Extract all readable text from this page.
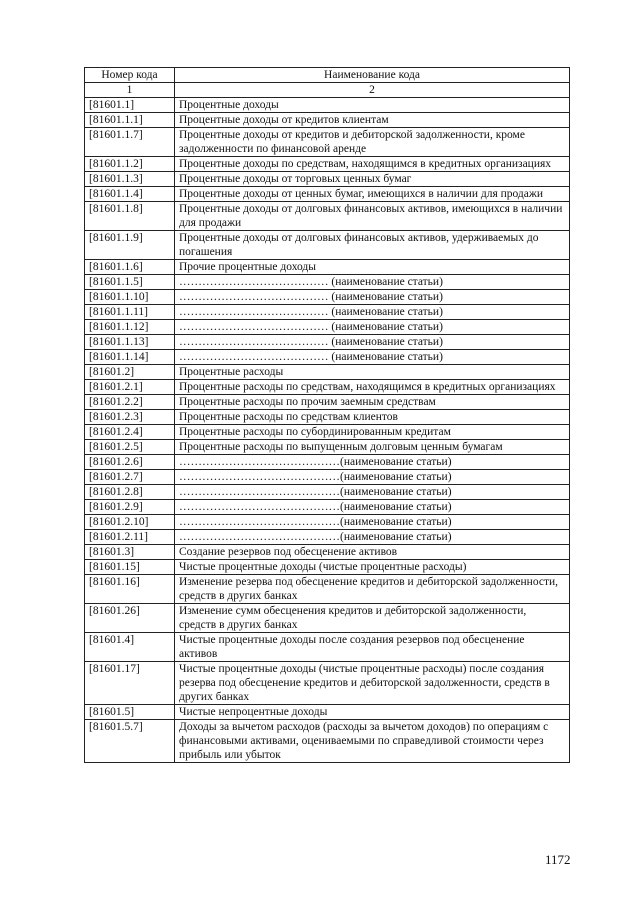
Номер кода	Наименование кода
1	2
[81601.1]	Процентные доходы
[81601.1.1]	Процентные доходы от кредитов клиентам
[81601.1.7]	Процентные доходы от кредитов и дебиторской задолженности, кроме задолженности по финансовой аренде
[81601.1.2]	Процентные доходы по средствам, находящимся в кредитных организациях
[81601.1.3]	Процентные доходы от торговых ценных бумаг
[81601.1.4]	Процентные доходы от ценных бумаг, имеющихся в наличии для продажи
[81601.1.8]	Процентные доходы от долговых финансовых активов, имеющихся в наличии для продажи
[81601.1.9]	Процентные доходы от долговых финансовых активов, удерживаемых до погашения
[81601.1.6]	Прочие процентные доходы
[81601.1.5]	………………………………… (наименование статьи)
[81601.1.10]	………………………………… (наименование статьи)
[81601.1.11]	………………………………… (наименование статьи)
[81601.1.12]	………………………………… (наименование статьи)
[81601.1.13]	………………………………… (наименование статьи)
[81601.1.14]	………………………………… (наименование статьи)
[81601.2]	Процентные расходы
[81601.2.1]	Процентные расходы по средствам, находящимся в кредитных организациях
[81601.2.2]	Процентные расходы по прочим заемным средствам
[81601.2.3]	Процентные расходы по средствам клиентов
[81601.2.4]	Процентные расходы по субординированным кредитам
[81601.2.5]	Процентные расходы по выпущенным долговым ценным бумагам
[81601.2.6]	……………………………………(наименование статьи)
[81601.2.7]	……………………………………(наименование статьи)
[81601.2.8]	……………………………………(наименование статьи)
[81601.2.9]	……………………………………(наименование статьи)
[81601.2.10]	……………………………………(наименование статьи)
[81601.2.11]	……………………………………(наименование статьи)
[81601.3]	Создание резервов под обесценение активов
[81601.15]	Чистые процентные доходы (чистые процентные расходы)
[81601.16]	Изменение резерва под обесценение кредитов и дебиторской задолженности, средств в других банках
[81601.26]	Изменение сумм обесценения кредитов и дебиторской задолженности, средств в других банках
[81601.4]	Чистые процентные доходы после создания резервов под обесценение активов
[81601.17]	Чистые процентные доходы (чистые процентные расходы) после создания резерва под обесценение кредитов и дебиторской задолженности, средств в других банках
[81601.5]	Чистые непроцентные доходы
[81601.5.7]	Доходы за вычетом расходов (расходы за вычетом доходов) по операциям с финансовыми активами, оцениваемыми по справедливой стоимости через прибыль или убыток
1172
